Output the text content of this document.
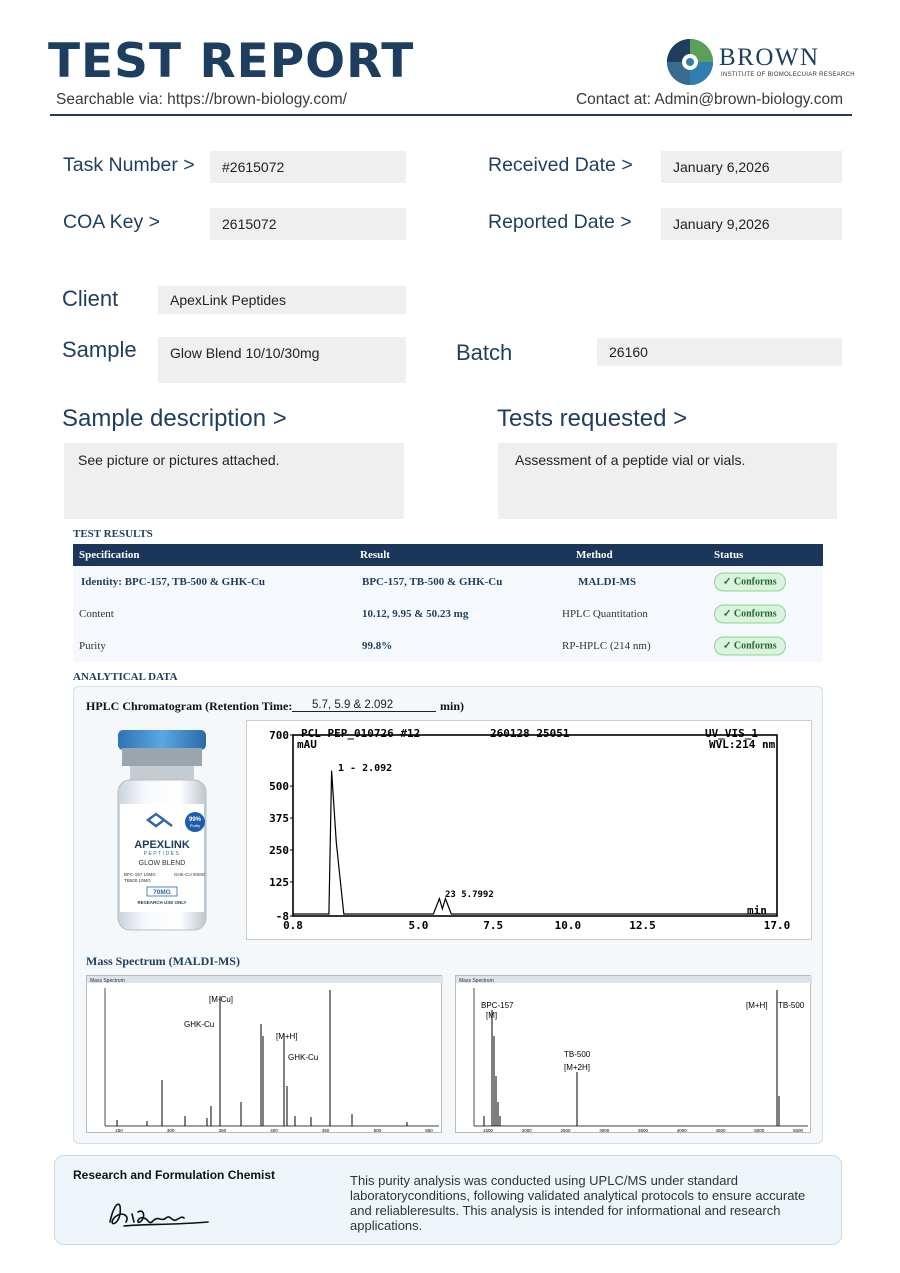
TEST REPORT
Searchable via: https://brown-biology.com/	Contact at: Admin@brown-biology.com
BROWN
INSTITUTE OF BIOMOLECUIAR RESEARCH
Task Number >	#2615072	Received Date >	January 6,2026
COA Key >	2615072	Reported Date >	January 9,2026
Client	ApexLink Peptides
Sample	Glow Blend 10/10/30mg	Batch	26160
Sample description >
See picture or pictures attached.
Tests requested >
Assessment of a peptide vial or vials.
TEST RESULTS
Specification	Result	Method	Status
Identity: BPC-157, TB-500 & GHK-Cu	BPC-157, TB-500 & GHK-Cu	MALDI-MS	✓ Conforms
Content	10.12, 9.95 & 50.23 mg	HPLC Quantitation	✓ Conforms
Purity	99.8%	RP-HPLC (214 nm)	✓ Conforms
ANALYTICAL DATA
HPLC Chromatogram (Retention Time:	5.7, 5.9 & 2.092	min)
99%
Purity
APEXLINK
PEPTIDES
GLOW BLEND
BPC-157 10MG
TB500 10MG
GHK-CU 50MG
70MG
RESEARCH USE ONLY
PCL PEP_010726 #12	260128 25051	UV_VIS_1
WVL:214 nm
mAU
min
1 - 2.092
23 5.7992
700
500
375
250
125
-8
0.8	5.0	7.5	10.0	12.5	17.0
Mass Spectrum (MALDI-MS)
Mass Spectrum
[M-Cu]
GHK-Cu
[M+H]
GHK-Cu
250	300	350	400	450	500	550
Mass Spectrum
BPC-157
[M]
TB-500
[M+2H]
[M+H] TB-500
1500	2000	2500	3000	3500	4000	4500	5000	5500
Research and Formulation Chemist	This purity analysis was conducted using UPLC/MS under standard laboratoryconditions, following validated analytical protocols to ensure accurate and reliableresults. This analysis is intended for informational and research applications.
